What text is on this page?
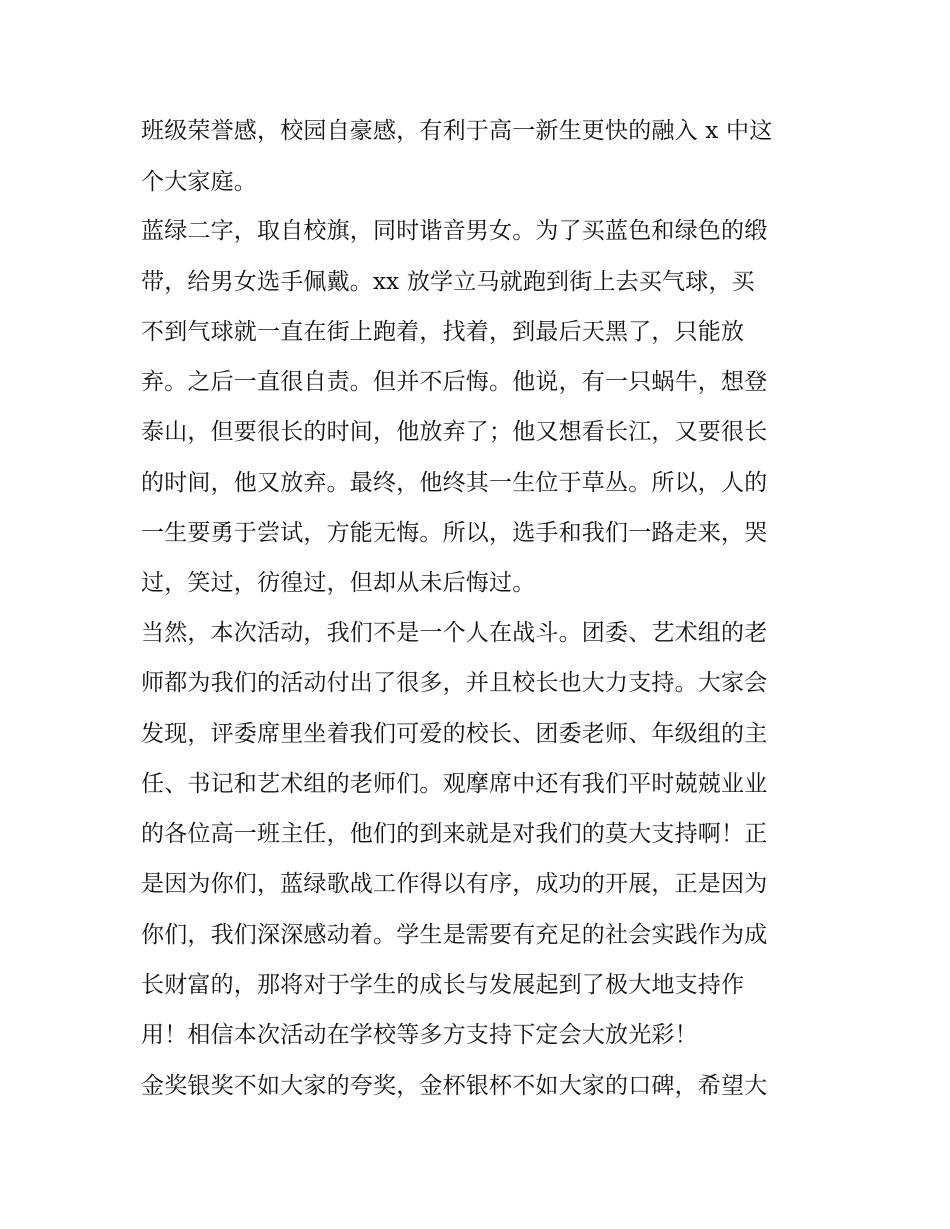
班级荣誉感，校园自豪感，有利于高一新生更快的融入 x 中这
个大家庭。
蓝绿二字，取自校旗，同时谐音男女。为了买蓝色和绿色的缎
带，给男女选手佩戴。xx 放学立马就跑到街上去买气球，买
不到气球就一直在街上跑着，找着，到最后天黑了，只能放
弃。之后一直很自责。但并不后悔。他说，有一只蜗牛，想登
泰山，但要很长的时间，他放弃了；他又想看长江，又要很长
的时间，他又放弃。最终，他终其一生位于草丛。所以，人的
一生要勇于尝试，方能无悔。所以，选手和我们一路走来，哭
过，笑过，彷徨过，但却从未后悔过。
当然，本次活动，我们不是一个人在战斗。团委、艺术组的老
师都为我们的活动付出了很多，并且校长也大力支持。大家会
发现，评委席里坐着我们可爱的校长、团委老师、年级组的主
任、书记和艺术组的老师们。观摩席中还有我们平时兢兢业业
的各位高一班主任，他们的到来就是对我们的莫大支持啊！正
是因为你们，蓝绿歌战工作得以有序，成功的开展，正是因为
你们，我们深深感动着。学生是需要有充足的社会实践作为成
长财富的，那将对于学生的成长与发展起到了极大地支持作
用！相信本次活动在学校等多方支持下定会大放光彩！
金奖银奖不如大家的夸奖，金杯银杯不如大家的口碑，希望大
